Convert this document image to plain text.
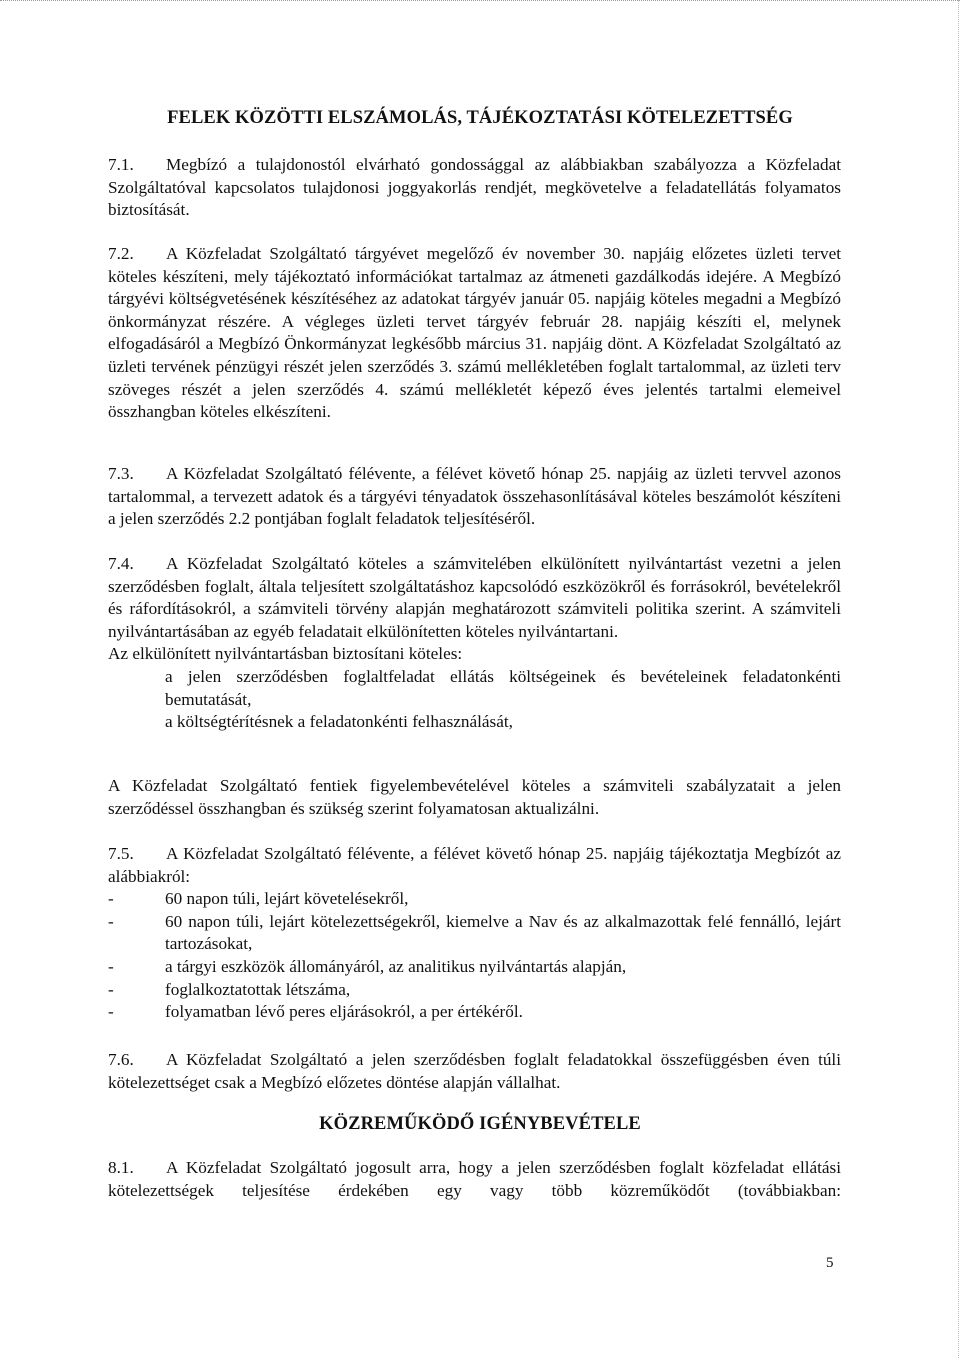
FELEK KÖZÖTTI ELSZÁMOLÁS, TÁJÉKOZTATÁSI KÖTELEZETTSÉG

7.1. Megbízó a tulajdonostól elvárható gondossággal az alábbiakban szabályozza a Közfeladat Szolgáltatóval kapcsolatos tulajdonosi joggyakorlás rendjét, megkövetelve a feladatellátás folyamatos biztosítását.

7.2. A Közfeladat Szolgáltató tárgyévet megelőző év november 30. napjáig előzetes üzleti tervet köteles készíteni, mely tájékoztató információkat tartalmaz az átmeneti gazdálkodás idejére. A Megbízó tárgyévi költségvetésének készítéséhez az adatokat tárgyév január 05. napjáig köteles megadni a Megbízó önkormányzat részére. A végleges üzleti tervet tárgyév február 28. napjáig készíti el, melynek elfogadásáról a Megbízó Önkormányzat legkésőbb március 31. napjáig dönt. A Közfeladat Szolgáltató az üzleti tervének pénzügyi részét jelen szerződés 3. számú mellékletében foglalt tartalommal, az üzleti terv szöveges részét a jelen szerződés 4. számú mellékletét képező éves jelentés tartalmi elemeivel összhangban köteles elkészíteni.

7.3. A Közfeladat Szolgáltató félévente, a félévet követő hónap 25. napjáig az üzleti tervvel azonos tartalommal, a tervezett adatok és a tárgyévi tényadatok összehasonlításával köteles beszámolót készíteni a jelen szerződés 2.2 pontjában foglalt feladatok teljesítéséről.

7.4. A Közfeladat Szolgáltató köteles a számvitelében elkülönített nyilvántartást vezetni a jelen szerződésben foglalt, általa teljesített szolgáltatáshoz kapcsolódó eszközökről és forrásokról, bevételekről és ráfordításokról, a számviteli törvény alapján meghatározott számviteli politika szerint. A számviteli nyilvántartásában az egyéb feladatait elkülönítetten köteles nyilvántartani.

Az elkülönített nyilvántartásban biztosítani köteles:

a jelen szerződésben foglaltfeladat ellátás költségeinek és bevételeinek feladatonkénti bemutatását,

a költségtérítésnek a feladatonkénti felhasználását,

A Közfeladat Szolgáltató fentiek figyelembevételével köteles a számviteli szabályzatait a jelen szerződéssel összhangban és szükség szerint folyamatosan aktualizálni.

7.5. A Közfeladat Szolgáltató félévente, a félévet követő hónap 25. napjáig tájékoztatja Megbízót az alábbiakról:

-	60 napon túli, lejárt követelésekről,
-	60 napon túli, lejárt kötelezettségekről, kiemelve a Nav és az alkalmazottak felé fennálló, lejárt tartozásokat,
-	a tárgyi eszközök állományáról, az analitikus nyilvántartás alapján,
-	foglalkoztatottak létszáma,
-	folyamatban lévő peres eljárásokról, a per értékéről.

7.6. A Közfeladat Szolgáltató a jelen szerződésben foglalt feladatokkal összefüggésben éven túli kötelezettséget csak a Megbízó előzetes döntése alapján vállalhat.

KÖZREMŰKÖDŐ IGÉNYBEVÉTELE

8.1. A Közfeladat Szolgáltató jogosult arra, hogy a jelen szerződésben foglalt közfeladat ellátási kötelezettségek teljesítése érdekében egy vagy több közreműködőt (továbbiakban:

5
